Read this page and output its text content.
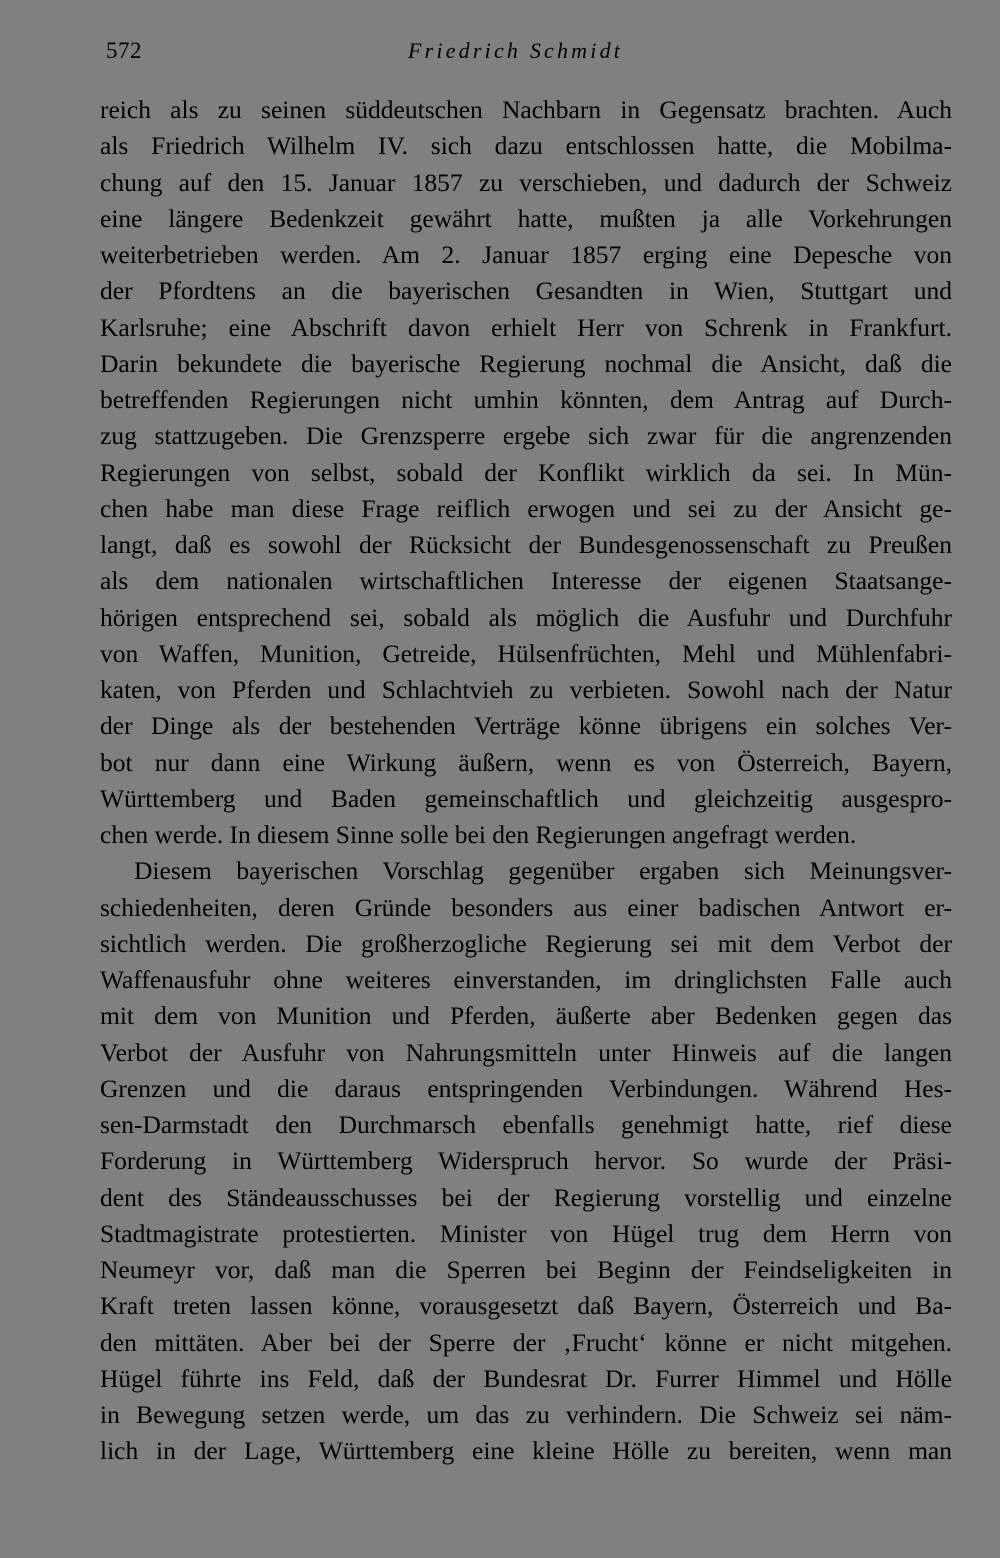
572	Friedrich Schmidt
reich als zu seinen süddeutschen Nachbarn in Gegensatz brachten. Auch
als Friedrich Wilhelm IV. sich dazu entschlossen hatte, die Mobilma-
chung auf den 15. Januar 1857 zu verschieben, und dadurch der Schweiz
eine längere Bedenkzeit gewährt hatte, mußten ja alle Vorkehrungen
weiterbetrieben werden. Am 2. Januar 1857 erging eine Depesche von
der Pfordtens an die bayerischen Gesandten in Wien, Stuttgart und
Karlsruhe; eine Abschrift davon erhielt Herr von Schrenk in Frankfurt.
Darin bekundete die bayerische Regierung nochmal die Ansicht, daß die
betreffenden Regierungen nicht umhin könnten, dem Antrag auf Durch-
zug stattzugeben. Die Grenzsperre ergebe sich zwar für die angrenzenden
Regierungen von selbst, sobald der Konflikt wirklich da sei. In Mün-
chen habe man diese Frage reiflich erwogen und sei zu der Ansicht ge-
langt, daß es sowohl der Rücksicht der Bundesgenossenschaft zu Preußen
als dem nationalen wirtschaftlichen Interesse der eigenen Staatsange-
hörigen entsprechend sei, sobald als möglich die Ausfuhr und Durchfuhr
von Waffen, Munition, Getreide, Hülsenfrüchten, Mehl und Mühlenfabri-
katen, von Pferden und Schlachtvieh zu verbieten. Sowohl nach der Natur
der Dinge als der bestehenden Verträge könne übrigens ein solches Ver-
bot nur dann eine Wirkung äußern, wenn es von Österreich, Bayern,
Württemberg und Baden gemeinschaftlich und gleichzeitig ausgespro-
chen werde. In diesem Sinne solle bei den Regierungen angefragt werden.
Diesem bayerischen Vorschlag gegenüber ergaben sich Meinungsver-
schiedenheiten, deren Gründe besonders aus einer badischen Antwort er-
sichtlich werden. Die großherzogliche Regierung sei mit dem Verbot der
Waffenausfuhr ohne weiteres einverstanden, im dringlichsten Falle auch
mit dem von Munition und Pferden, äußerte aber Bedenken gegen das
Verbot der Ausfuhr von Nahrungsmitteln unter Hinweis auf die langen
Grenzen und die daraus entspringenden Verbindungen. Während Hes-
sen-Darmstadt den Durchmarsch ebenfalls genehmigt hatte, rief diese
Forderung in Württemberg Widerspruch hervor. So wurde der Präsi-
dent des Ständeausschusses bei der Regierung vorstellig und einzelne
Stadtmagistrate protestierten. Minister von Hügel trug dem Herrn von
Neumeyr vor, daß man die Sperren bei Beginn der Feindseligkeiten in
Kraft treten lassen könne, vorausgesetzt daß Bayern, Österreich und Ba-
den mittäten. Aber bei der Sperre der ‚Frucht‘ könne er nicht mitgehen.
Hügel führte ins Feld, daß der Bundesrat Dr. Furrer Himmel und Hölle
in Bewegung setzen werde, um das zu verhindern. Die Schweiz sei näm-
lich in der Lage, Württemberg eine kleine Hölle zu bereiten, wenn man
